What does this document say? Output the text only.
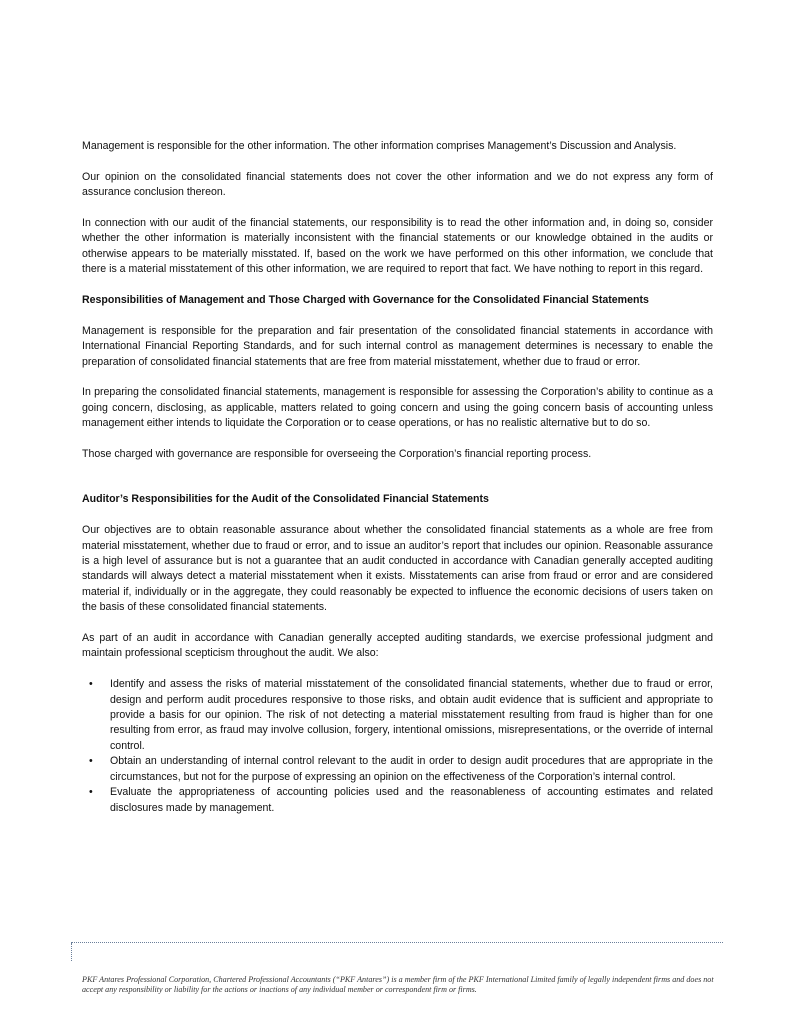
Management is responsible for the other information. The other information comprises Management’s Discussion and Analysis.

Our opinion on the consolidated financial statements does not cover the other information and we do not express any form of assurance conclusion thereon.

In connection with our audit of the financial statements, our responsibility is to read the other information and, in doing so, consider whether the other information is materially inconsistent with the financial statements or our knowledge obtained in the audits or otherwise appears to be materially misstated. If, based on the work we have performed on this other information, we conclude that there is a material misstatement of this other information, we are required to report that fact. We have nothing to report in this regard.

Responsibilities of Management and Those Charged with Governance for the Consolidated Financial Statements

Management is responsible for the preparation and fair presentation of the consolidated financial statements in accordance with International Financial Reporting Standards, and for such internal control as management determines is necessary to enable the preparation of consolidated financial statements that are free from material misstatement, whether due to fraud or error.

In preparing the consolidated financial statements, management is responsible for assessing the Corporation’s ability to continue as a going concern, disclosing, as applicable, matters related to going concern and using the going concern basis of accounting unless management either intends to liquidate the Corporation or to cease operations, or has no realistic alternative but to do so.

Those charged with governance are responsible for overseeing the Corporation’s financial reporting process.

Auditor’s Responsibilities for the Audit of the Consolidated Financial Statements

Our objectives are to obtain reasonable assurance about whether the consolidated financial statements as a whole are free from material misstatement, whether due to fraud or error, and to issue an auditor’s report that includes our opinion. Reasonable assurance is a high level of assurance but is not a guarantee that an audit conducted in accordance with Canadian generally accepted auditing standards will always detect a material misstatement when it exists. Misstatements can arise from fraud or error and are considered material if, individually or in the aggregate, they could reasonably be expected to influence the economic decisions of users taken on the basis of these consolidated financial statements.

As part of an audit in accordance with Canadian generally accepted auditing standards, we exercise professional judgment and maintain professional scepticism throughout the audit. We also:

• Identify and assess the risks of material misstatement of the consolidated financial statements, whether due to fraud or error, design and perform audit procedures responsive to those risks, and obtain audit evidence that is sufficient and appropriate to provide a basis for our opinion. The risk of not detecting a material misstatement resulting from fraud is higher than for one resulting from error, as fraud may involve collusion, forgery, intentional omissions, misrepresentations, or the override of internal control.
• Obtain an understanding of internal control relevant to the audit in order to design audit procedures that are appropriate in the circumstances, but not for the purpose of expressing an opinion on the effectiveness of the Corporation’s internal control.
• Evaluate the appropriateness of accounting policies used and the reasonableness of accounting estimates and related disclosures made by management.
PKF Antares Professional Corporation, Chartered Professional Accountants (“PKF Antares”) is a member firm of the PKF International Limited family of legally independent firms and does not accept any responsibility or liability for the actions or inactions of any individual member or correspondent firm or firms.
